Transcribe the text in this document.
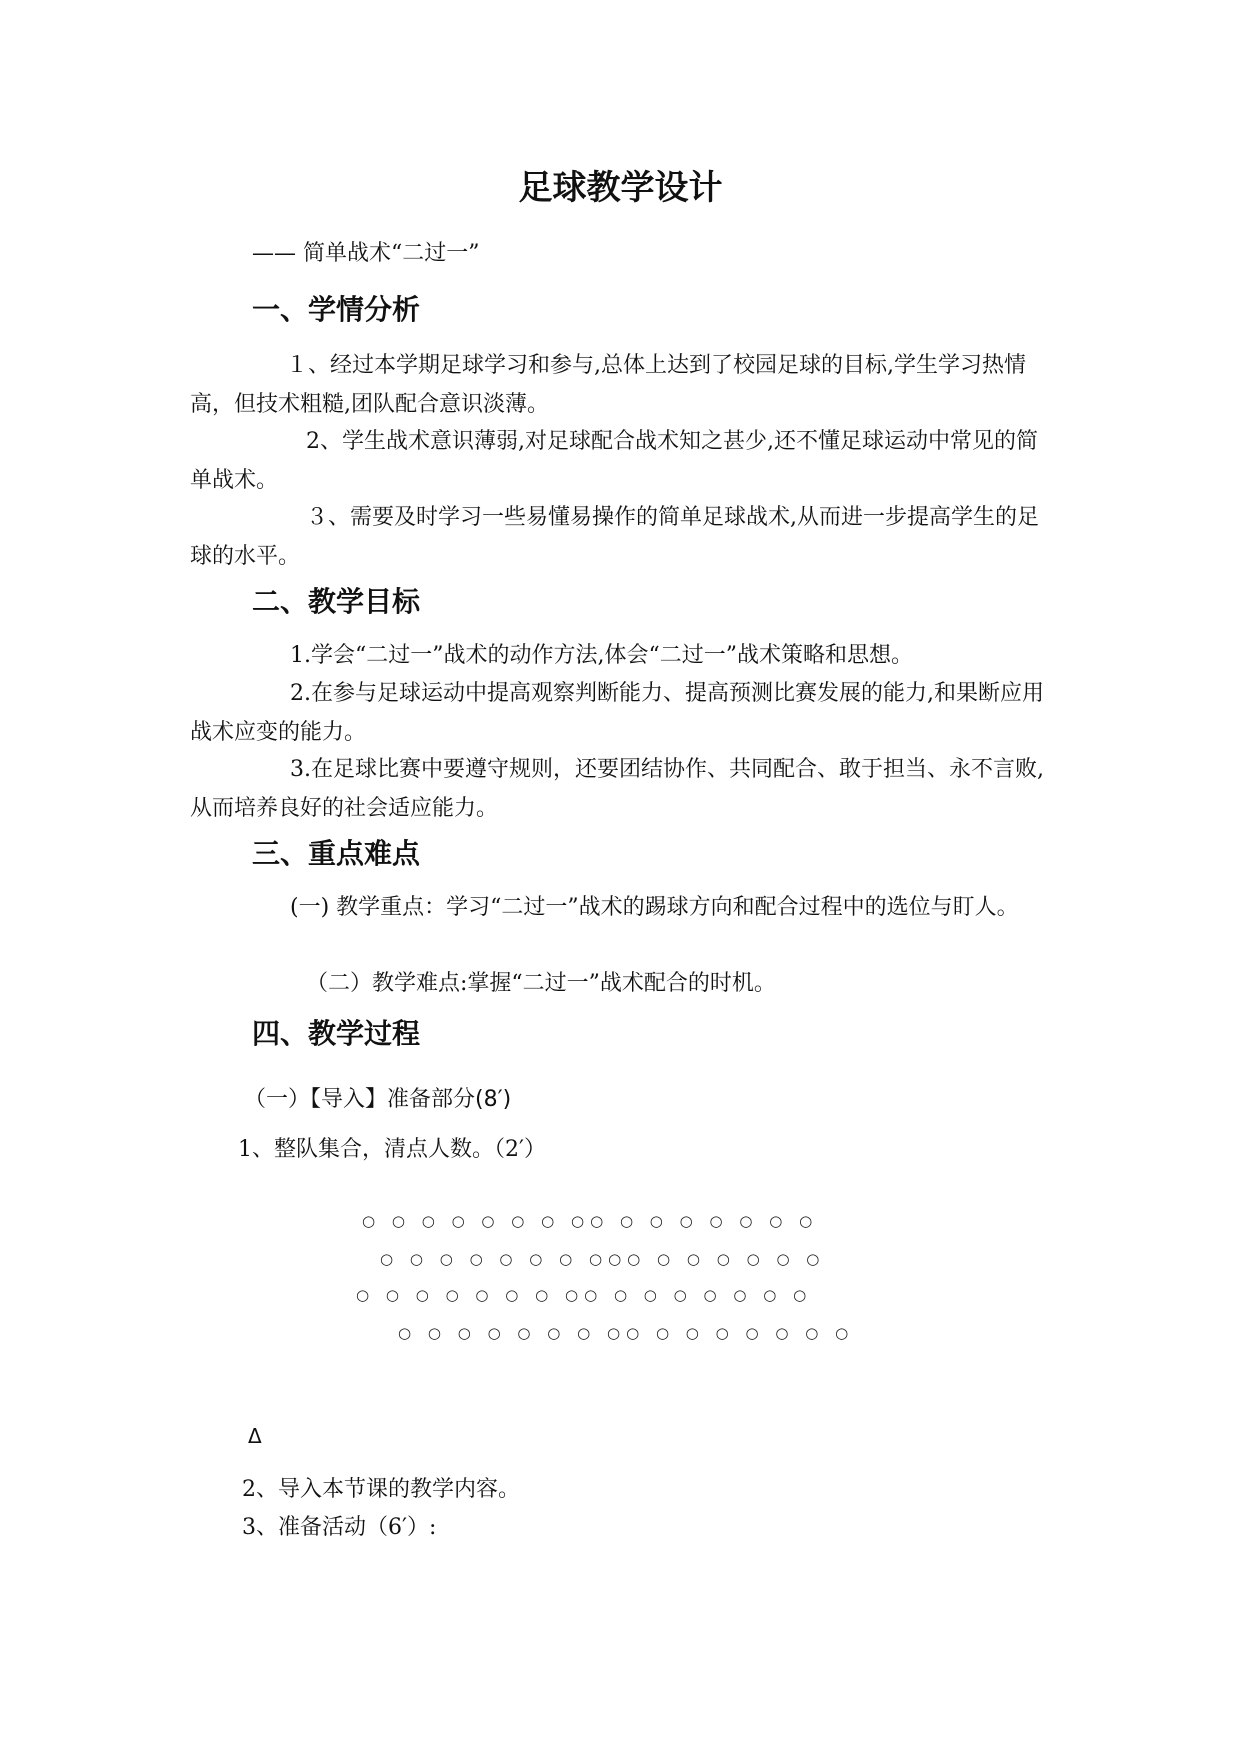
足球教学设计
—— 简单战术“二过一”
一、学情分析
１、经过本学期足球学习和参与,总体上达到了校园足球的目标,学生学习热情高，但技术粗糙,团队配合意识淡薄。
2、学生战术意识薄弱,对足球配合战术知之甚少,还不懂足球运动中常见的简单战术。
３、需要及时学习一些易懂易操作的简单足球战术,从而进一步提高学生的足球的水平。
二、教学目标
1.学会“二过一”战术的动作方法,体会“二过一”战术策略和思想。
2.在参与足球运动中提高观察判断能力、提高预测比赛发展的能力,和果断应用战术应变的能力。
3.在足球比赛中要遵守规则，还要团结协作、共同配合、敢于担当、永不言败,从而培养良好的社会适应能力。
三、重点难点
(一) 教学重点：学习“二过一”战术的踢球方向和配合过程中的选位与盯人。
（二）教学难点:掌握“二过一”战术配合的时机。
四、教学过程
（一）【导入】准备部分(8′)
1、整队集合，清点人数。（2′）
○ ○ ○ ○ ○ ○ ○ ○○ ○ ○ ○ ○ ○ ○ ○
○ ○ ○ ○ ○ ○ ○ ○○○ ○ ○ ○ ○ ○ ○
○ ○ ○ ○ ○ ○ ○ ○○ ○ ○ ○ ○ ○ ○ ○
○ ○ ○ ○ ○ ○ ○ ○○ ○ ○ ○ ○ ○ ○ ○
Δ
2、导入本节课的教学内容。
3、准备活动（6′）:
